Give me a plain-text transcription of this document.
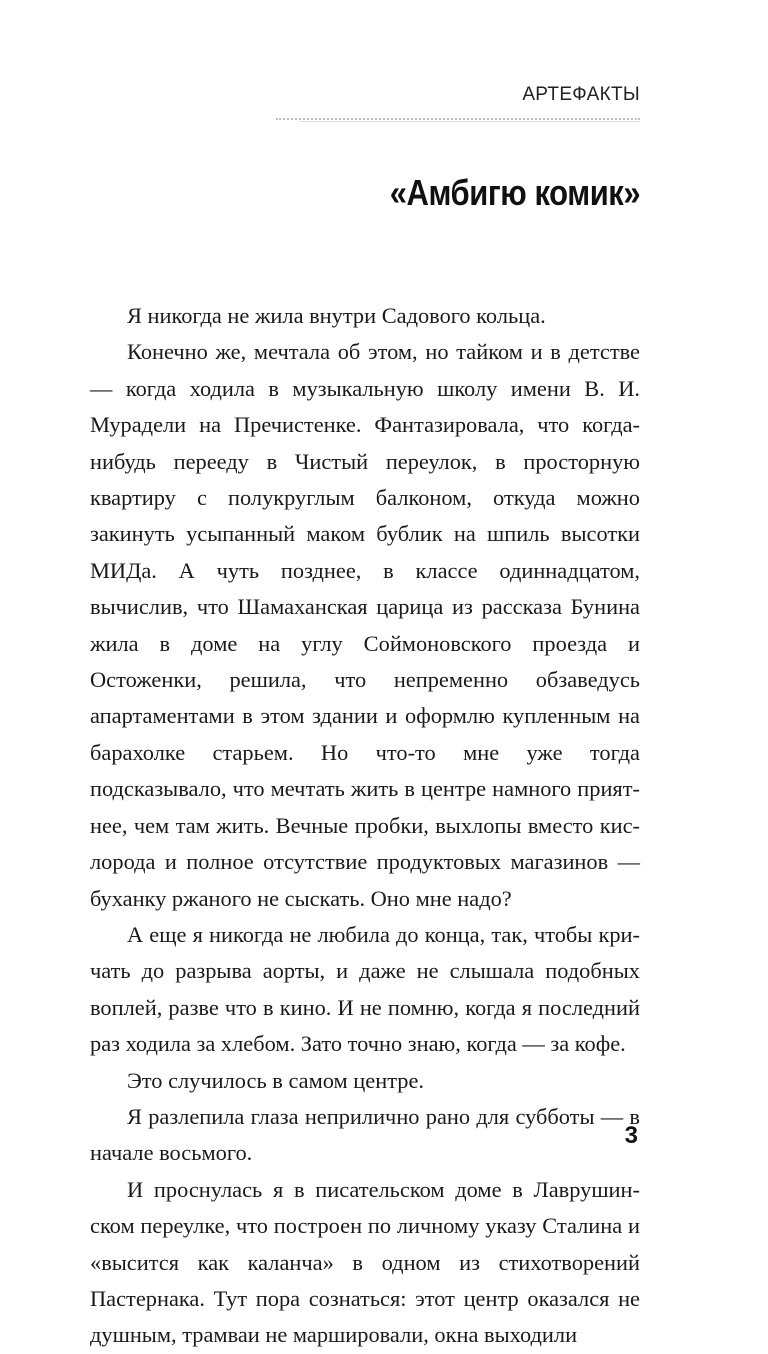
АРТЕФАКТЫ
«Амбигю комик»

Я никогда не жила внутри Садового кольца.

Конечно же, мечтала об этом, но тайком и в детстве — когда ходила в музыкальную школу имени В. И. Мурадели на Пречистенке. Фантазировала, что когда-нибудь перееду в Чистый переулок, в просторную квартиру с полукруглым балконом, откуда можно закинуть усыпанный маком бублик на шпиль высотки МИДа. А чуть позднее, в классе одиннадцатом, вычислив, что Шамаханская царица из рассказа Бунина жила в доме на углу Соймоновского проезда и Остоженки, решила, что непременно обзаведусь апартаментами в этом здании и оформлю купленным на барахолке старьем. Но что-то мне уже тогда подсказывало, что мечтать жить в центре намного приятнее, чем там жить. Вечные пробки, выхлопы вместо кислорода и полное отсутствие продуктовых магазинов — буханку ржаного не сыскать. Оно мне надо?

А еще я никогда не любила до конца, так, чтобы кричать до разрыва аорты, и даже не слышала подобных воплей, разве что в кино. И не помню, когда я последний раз ходила за хлебом. Зато точно знаю, когда — за кофе.

Это случилось в самом центре.

Я разлепила глаза неприлично рано для субботы — в начале восьмого.

И проснулась я в писательском доме в Лаврушинском переулке, что построен по личному указу Сталина и «высится как каланча» в одном из стихотворений Пастернака. Тут пора сознаться: этот центр оказался не душным, трамваи не маршировали, окна выходили

3
